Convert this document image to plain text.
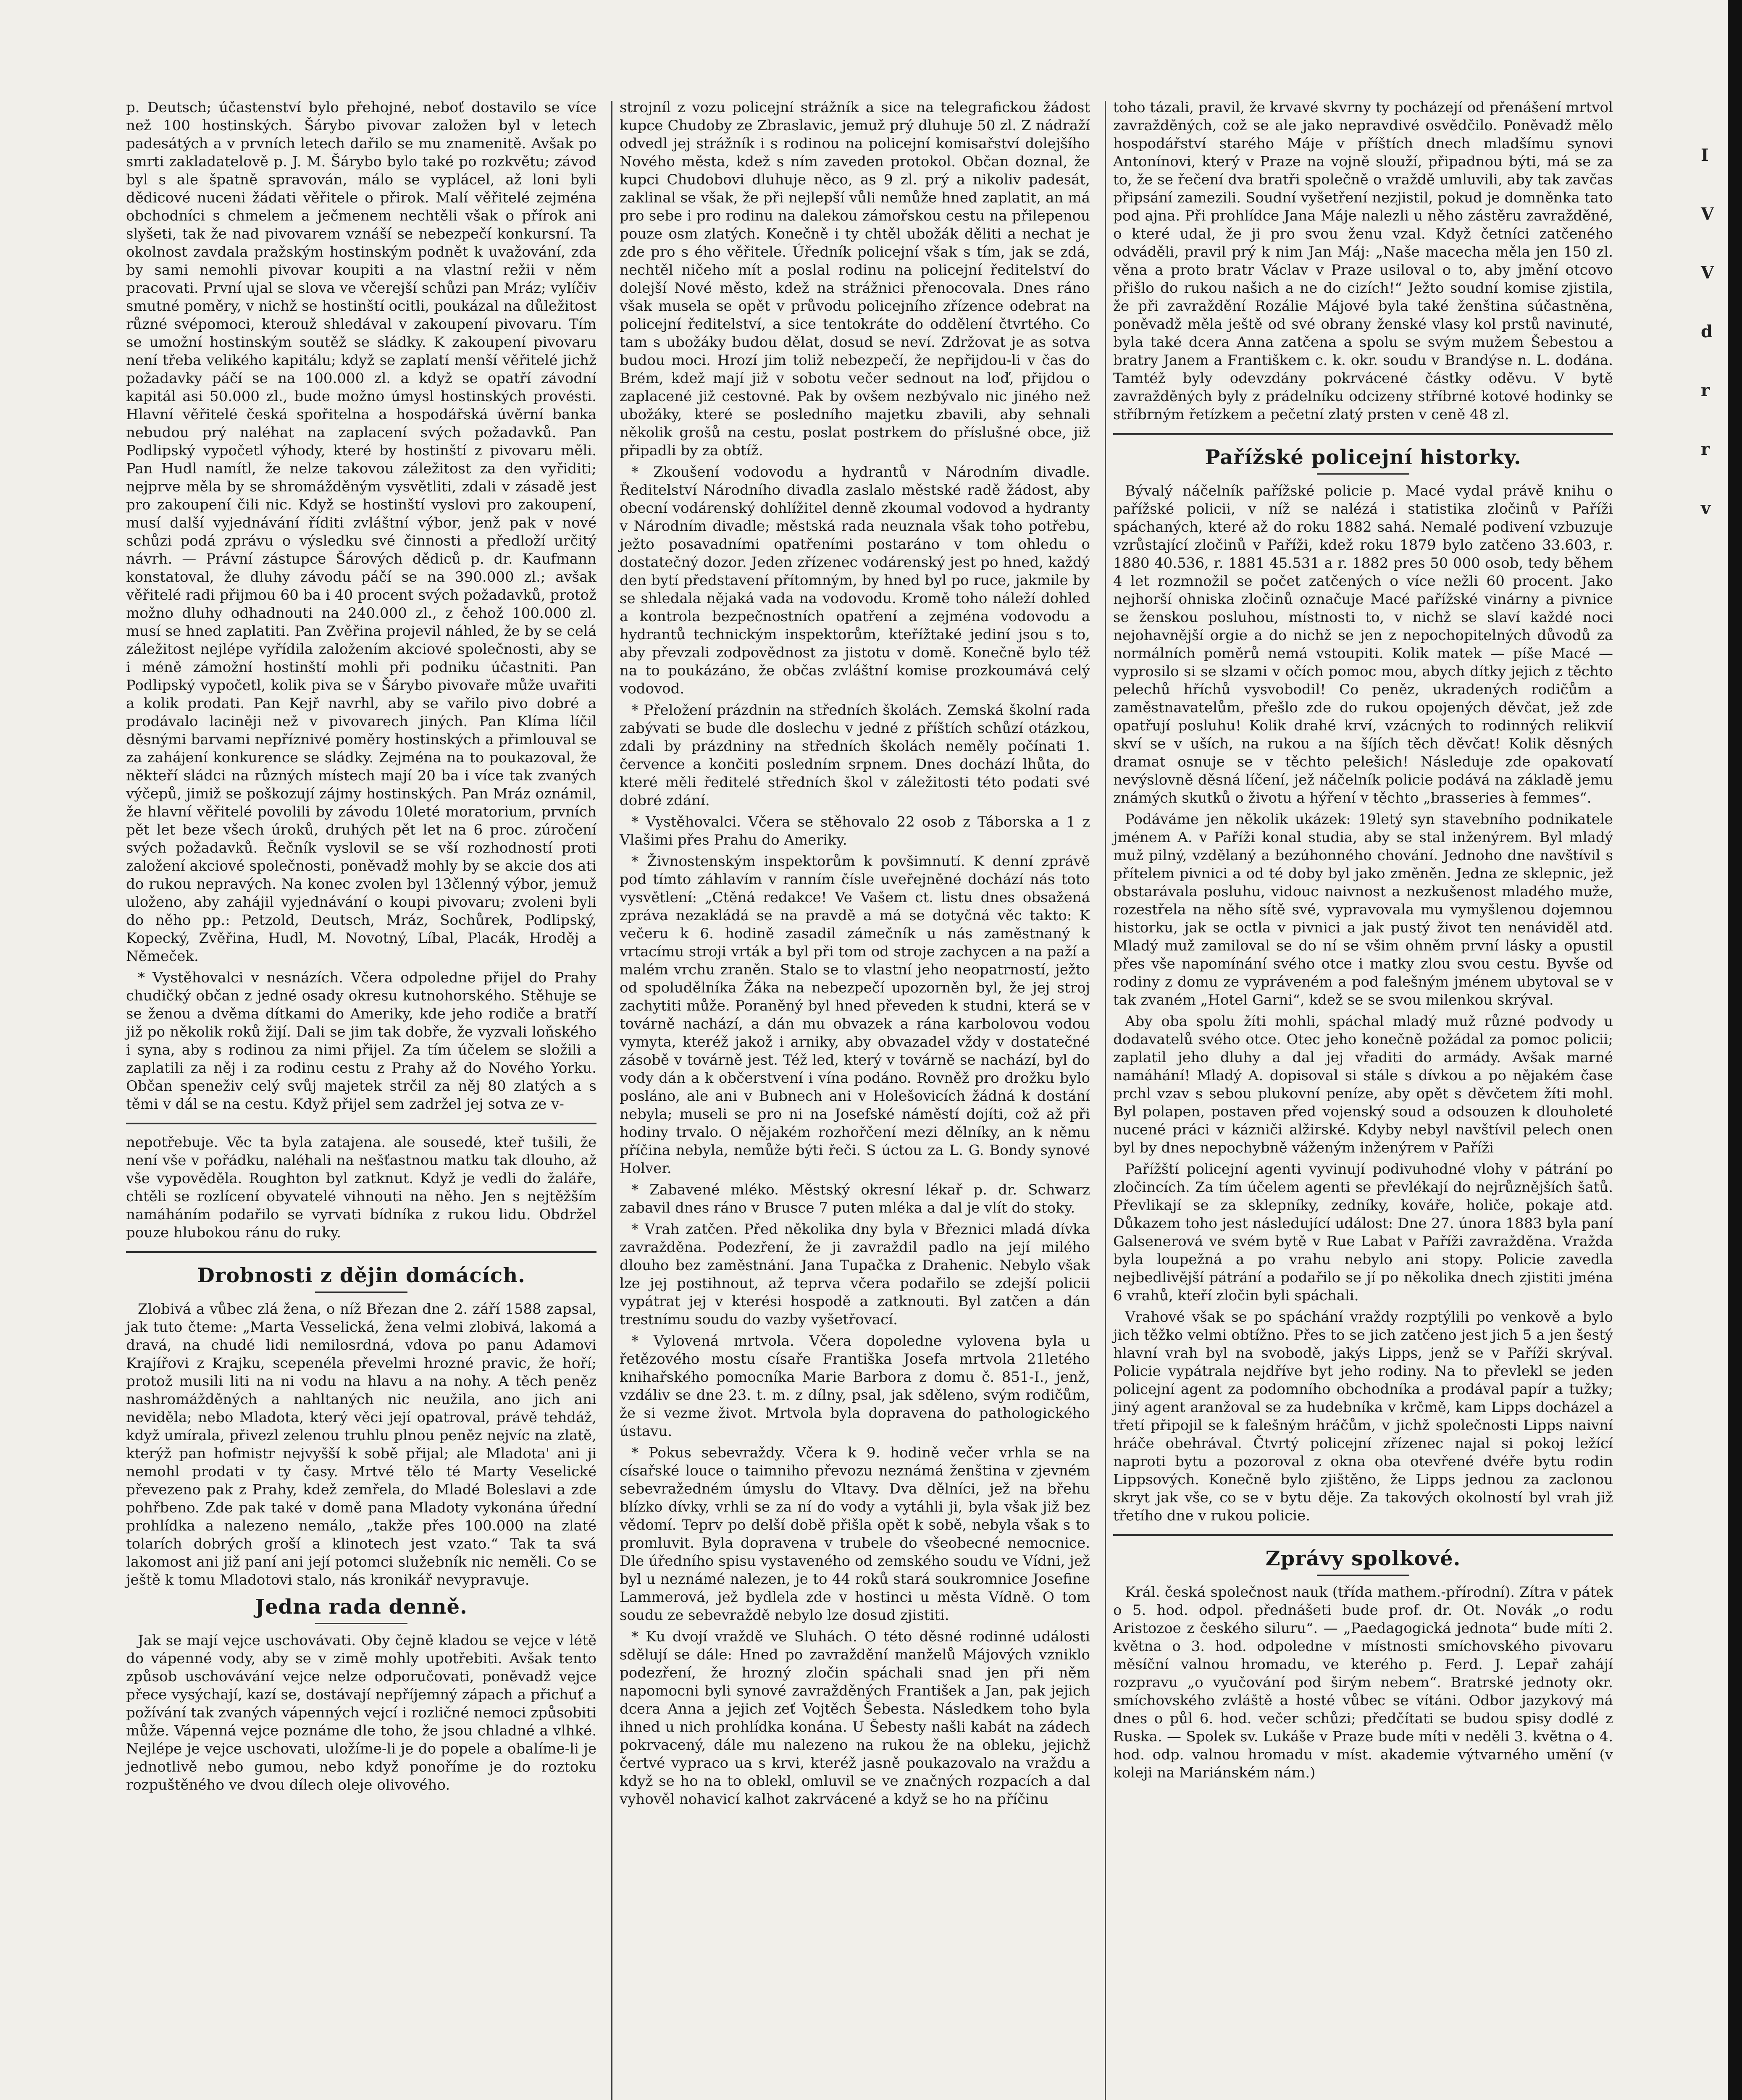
p. Deutsch; účastenství bylo přehojné, neboť dostavilo se více než 100 hostinských. Šárybo pivovar založen byl v letech padesátých a v prvních letech dařilo se mu znamenitě. Avšak po smrti zakladatelově p. J. M. Šárybo bylo také po rozkvětu; závod byl s ale špatně spravován, málo se vyplácel, až loni byli dědicové nuceni žádati věřitele o přirok. Malí věřitelé zejména obchodníci s chmelem a ječmenem nechtěli však o přírok ani slyšeti, tak že nad pivovarem vznáší se nebezpečí konkursní. Ta okolnost zavdala pražským hostinským podnět k uvažování, zda by sami nemohli pivovar koupiti a na vlastní režii v něm pracovati. První ujal se slova ve včerejší schůzi pan Mráz; vylíčiv smutné poměry, v nichž se hostinští ocitli, poukázal na důležitost různé svépomoci, kterouž shledával v zakoupení pivovaru. Tím se umožní hostinským soutěž se sládky. K zakoupení pivovaru není třeba velikého kapitálu; když se zaplatí menší věřitelé jichž požadavky páčí se na 100.000 zl. a když se opatří závodní kapitál asi 50.000 zl., bude možno úmysl hostinských provésti. Hlavní věřitelé česká spořitelna a hospodářská úvěrní banka nebudou prý naléhat na zaplacení svých požadavků. Pan Podlipský vypočetl výhody, které by hostinští z pivovaru měli. Pan Hudl namítl, že nelze takovou záležitost za den vyřiditi; nejprve měla by se shromážděným vysvětliti, zdali v zásadě jest pro zakoupení čili nic. Když se hostinští vyslovi pro zakoupení, musí další vyjednávání říditi zvláštní výbor, jenž pak v nové schůzi podá zprávu o výsledku své činnosti a předloží určitý návrh. — Právní zástupce Šárových dědiců p. dr. Kaufmann konstatoval, že dluhy závodu páčí se na 390.000 zl.; avšak věřitelé radi přijmou 60 ba i 40 procent svých požadavků, protož možno dluhy odhadnouti na 240.000 zl., z čehož 100.000 zl. musí se hned zaplatiti. Pan Zvěřina projevil náhled, že by se celá záležitost nejlépe vyřídila založením akciové společnosti, aby se i méně zámožní hostinští mohli při podniku účastniti. Pan Podlipský vypočetl, kolik piva se v Šárybo pivovaře může uvařiti a kolik prodati. Pan Kejř navrhl, aby se vařilo pivo dobré a prodávalo laciněji než v pivovarech jiných. Pan Klíma líčil děsnými barvami nepříznivé poměry hostinských a přimlouval se za zahájení konkurence se sládky. Zejména na to poukazoval, že někteří sládci na různých místech mají 20 ba i více tak zvaných výčepů, jimiž se poškozují zájmy hostinských. Pan Mráz oznámil, že hlavní věřitelé povolili by závodu 10leté moratorium, prvních pět let beze všech úroků, druhých pět let na 6 proc. zúročení svých požadavků. Řečník vyslovil se se vší rozhodností proti založení akciové společnosti, poněvadž mohly by se akcie dos ati do rukou nepravých. Na konec zvolen byl 13členný výbor, jemuž uloženo, aby zahájil vyjednávání o koupi pivovaru; zvoleni byli do něho pp.: Petzold, Deutsch, Mráz, Sochůrek, Podlipský, Kopecký, Zvěřina, Hudl, M. Novotný, Líbal, Placák, Hroděj a Němeček.

* Vystěhovalci v nesnázích. Včera odpoledne přijel do Prahy chudičký občan z jedné osady okresu kutnohorského. Stěhuje se se ženou a dvěma dítkami do Ameriky, kde jeho rodiče a bratří již po několik roků žijí. Dali se jim tak dobře, že vyzvali loňského i syna, aby s rodinou za nimi přijel. Za tím účelem se složili a zaplatili za něj i za rodinu cestu z Prahy až do Nového Yorku. Občan speneživ celý svůj majetek strčil za něj 80 zlatých a s těmi v dál se na cestu. Když přijel sem zadržel jej sotva ze v-

nepotřebuje. Věc ta byla zatajena. ale sousedé, kteř tušili, že není vše v pořádku, naléhali na nešťastnou matku tak dlouho, až vše vypověděla. Roughton byl zatknut. Když je vedli do žaláře, chtěli se rozlícení obyvatelé vihnouti na něho. Jen s nejtěžším namáháním podařilo se vyrvati bídníka z rukou lidu. Obdržel pouze hlubokou ránu do ruky.

Drobnosti z dějin domácích.

Zlobivá a vůbec zlá žena, o níž Březan dne 2. září 1588 zapsal, jak tuto čteme: „Marta Vesselická, žena velmi zlobivá, lakomá a dravá, na chudé lidi nemilosrdná, vdova po panu Adamovi Krajířovi z Krajku, scepenéla převelmi hrozné pravic, že hoří; protož musili liti na ni vodu na hlavu a na nohy. A těch peněz nashromážděných a nahltaných nic neužila, ano jich ani neviděla; nebo Mladota, který věci její opatroval, právě tehdáž, když umírala, přivezl zelenou truhlu plnou peněz nejvíc na zlatě, kterýž pan hofmistr nejvyšší k sobě přijal; ale Mladota' ani ji nemohl prodati v ty časy. Mrtvé tělo té Marty Veselické převezeno pak z Prahy, kdež zemřela, do Mladé Boleslavi a zde pohřbeno. Zde pak také v domě pana Mladoty vykonána úřední prohlídka a nalezeno nemálo, „takže přes 100.000 na zlaté tolarích dobrých groší a klinotech jest vzato.“ Tak ta svá lakomost ani již paní ani její potomci služebník nic neměli. Co se ještě k tomu Mladotovi stalo, nás kronikář nevypravuje.

Jedna rada denně.

Jak se mají vejce uschovávati. Oby čejně kladou se vejce v létě do vápenné vody, aby se v zimě mohly upotřebiti. Avšak tento způsob uschovávání vejce nelze odporučovati, poněvadž vejce přece vysýchají, kazí se, dostávají nepříjemný zápach a přichuť a požívání tak zvaných vápenných vejcí i rozličné nemoci způsobiti může. Vápenná vejce poznáme dle toho, že jsou chladné a vlhké. Nejlépe je vejce uschovati, uložíme-li je do popele a obalíme-li je jednotlivě nebo gumou, nebo když ponoříme je do roztoku rozpuštěného ve dvou dílech oleje olivového.

strojníl z vozu policejní strážník a sice na telegrafickou žádost kupce Chudoby ze Zbraslavic, jemuž prý dluhuje 50 zl. Z nádraží odvedl jej strážník i s rodinou na policejní komisařství dolejšího Nového města, kdež s ním zaveden protokol. Občan doznal, že kupci Chudobovi dluhuje něco, as 9 zl. prý a nikoliv padesát, zaklinal se však, že při nejlepší vůli nemůže hned zaplatit, an má pro sebe i pro rodinu na dalekou zámořskou cestu na přilepenou pouze osm zlatých. Konečně i ty chtěl ubožák děliti a nechat je zde pro s ého věřitele. Úředník policejní však s tím, jak se zdá, nechtěl ničeho mít a poslal rodinu na policejní ředitelství do dolejší Nové město, kdež na strážnici přenocovala. Dnes ráno však musela se opět v průvodu policejního zřízence odebrat na policejní ředitelství, a sice tentokráte do oddělení čtvrtého. Co tam s ubožáky budou dělat, dosud se neví. Zdržovat je as sotva budou moci. Hrozí jim toliž nebezpečí, že nepřijdou-li v čas do Brém, kdež mají již v sobotu večer sednout na loď, přijdou o zaplacené již cestovné. Pak by ovšem nezbývalo nic jiného než ubožáky, které se posledního majetku zbavili, aby sehnali několik grošů na cestu, poslat postrkem do příslušné obce, již připadli by za obtíž.

* Zkoušení vodovodu a hydrantů v Národním divadle. Ředitelství Národního divadla zaslalo městské radě žádost, aby obecní vodárenský dohlížitel denně zkoumal vodovod a hydranty v Národním divadle; městská rada neuznala však toho potřebu, ježto posavadními opatřeními postaráno v tom ohledu o dostatečný dozor. Jeden zřízenec vodárenský jest po hned, každý den bytí představení přítomným, by hned byl po ruce, jakmile by se shledala nějaká vada na vodovodu. Kromě toho náleží dohled a kontrola bezpečnostních opatření a zejména vodovodu a hydrantů technickým inspektorům, kteřížtaké jediní jsou s to, aby převzali zodpovědnost za jistotu v domě. Konečně bylo též na to poukázáno, že občas zvláštní komise prozkoumává celý vodovod.

* Přeložení prázdnin na středních školách. Zemská školní rada zabývati se bude dle doslechu v jedné z příštích schůzí otázkou, zdali by prázdniny na středních školách neměly počínati 1. července a končiti posledním srpnem. Dnes dochází lhůta, do které měli ředitelé středních škol v záležitosti této podati své dobré zdání.

* Vystěhovalci. Včera se stěhovalo 22 osob z Táborska a 1 z Vlašimi přes Prahu do Ameriky.

* Živnostenským inspektorům k povšimnutí. K denní zprávě pod tímto záhlavím v ranním čísle uveřejněné dochází nás toto vysvětlení: „Ctěná redakce! Ve Vašem ct. listu dnes obsažená zpráva nezakládá se na pravdě a má se dotyčná věc takto: K večeru k 6. hodině zasadil zámečník u nás zaměstnaný k vrtacímu stroji vrták a byl při tom od stroje zachycen a na paží a malém vrchu zraněn. Stalo se to vlastní jeho neopatrností, ježto od spoludělníka Žáka na nebezpečí upozorněn byl, že jej stroj zachytiti může. Poraněný byl hned převeden k studni, která se v továrně nachází, a dán mu obvazek a rána karbolovou vodou vymyta, kteréž jakož i arniky, aby obvazadel vždy v dostatečné zásobě v továrně jest. Též led, který v továrně se nachází, byl do vody dán a k občerstvení i vína podáno. Rovněž pro drožku bylo posláno, ale ani v Bubnech ani v Holešovicích žádná k dostání nebyla; museli se pro ni na Josefské náměstí dojíti, což až při hodiny trvalo. O nějakém rozhořčení mezi dělníky, an k němu příčina nebyla, nemůže býti řeči. S úctou za L. G. Bondy synové Holver.

* Zabavené mléko. Městský okresní lékař p. dr. Schwarz zabavil dnes ráno v Brusce 7 puten mléka a dal je vlít do stoky.

* Vrah zatčen. Před několika dny byla v Březnici mladá dívka zavražděna. Podezření, že ji zavraždil padlo na její milého dlouho bez zaměstnání. Jana Tupačka z Drahenic. Nebylo však lze jej postihnout, až teprva včera podařilo se zdejší policii vypátrat jej v kterési hospodě a zatknouti. Byl zatčen a dán trestnímu soudu do vazby vyšetřovací.

* Vylovená mrtvola. Včera dopoledne vylovena byla u řetězového mostu císaře Františka Josefa mrtvola 21letého knihařského pomocníka Marie Barbora z domu č. 851-I., jenž, vzdáliv se dne 23. t. m. z dílny, psal, jak sděleno, svým rodičům, že si vezme život. Mrtvola byla dopravena do pathologického ústavu.

* Pokus sebevraždy. Včera k 9. hodině večer vrhla se na císařské louce o taimniho převozu neznámá ženština v zjevném sebevražedném úmyslu do Vltavy. Dva dělníci, jež na břehu blízko dívky, vrhli se za ní do vody a vytáhli ji, byla však již bez vědomí. Teprv po delší době přišla opět k sobě, nebyla však s to promluvit. Byla dopravena v trubele do všeobecné nemocnice. Dle úředního spisu vystaveného od zemského soudu ve Vídni, jež byl u neznámé nalezen, je to 44 roků stará soukromnice Josefine Lammerová, jež bydlela zde v hostinci u města Vídně. O tom soudu ze sebevraždě nebylo lze dosud zjistiti.

* Ku dvojí vraždě ve Sluhách. O této děsné rodinné události sdělují se dále: Hned po zavraždění manželů Májových vzniklo podezření, že hrozný zločin spáchali snad jen při něm napomocni byli synové zavražděných František a Jan, pak jejich dcera Anna a jejich zeť Vojtěch Šebesta. Následkem toho byla ihned u nich prohlídka konána. U Šebesty našli kabát na zádech pokrvacený, dále mu nalezeno na rukou že na obleku, jejichž čertvé vypraco ua s krvi, kteréž jasně poukazovalo na vraždu a když se ho na to oblekl, omluvil se ve značných rozpacích a dal vyhověl nohavicí kalhot zakrvácené a když se ho na příčinu

toho tázali, pravil, že krvavé skvrny ty pocházejí od přenášení mrtvol zavražděných, což se ale jako nepravdivé osvědčilo. Poněvadž mělo hospodářství starého Máje v příštích dnech mladšímu synovi Antonínovi, který v Praze na vojně slouží, připadnou býti, má se za to, že se řečení dva bratři společně o vraždě umluvili, aby tak zavčas připsání zamezili. Soudní vyšetření nezjistil, pokud je domněnka tato pod ajna. Při prohlídce Jana Máje nalezli u něho zástěru zavražděné, o které udal, že ji pro svou ženu vzal. Když četníci zatčeného odváděli, pravil prý k nim Jan Máj: „Naše macecha měla jen 150 zl. věna a proto bratr Václav v Praze usiloval o to, aby jmění otcovo přišlo do rukou našich a ne do cizích!“ Ježto soudní komise zjistila, že při zavraždění Rozálie Májové byla také ženština súčastněna, poněvadž měla ještě od své obrany ženské vlasy kol prstů navinuté, byla také dcera Anna zatčena a spolu se svým mužem Šebestou a bratry Janem a Františkem c. k. okr. soudu v Brandýse n. L. dodána. Tamtéž byly odevzdány pokrvácené částky oděvu. V bytě zavražděných byly z prádelníku odcizeny stříbrné kotové hodinky se stříbrným řetízkem a pečetní zlatý prsten v ceně 48 zl.

Pařížské policejní historky.

Bývalý náčelník pařížské policie p. Macé vydal právě knihu o pařížské policii, v níž se nalézá i statistika zločinů v Paříži spáchaných, které až do roku 1882 sahá. Nemalé podivení vzbuzuje vzrůstající zločinů v Paříži, kdež roku 1879 bylo zatčeno 33.603, r. 1880 40.536, r. 1881 45.531 a r. 1882 pres 50 000 osob, tedy během 4 let rozmnožil se počet zatčených o více nežli 60 procent. Jako nejhorší ohniska zločinů označuje Macé pařížské vinárny a pivnice se ženskou posluhou, místnosti to, v nichž se slaví každé noci nejohavnější orgie a do nichž se jen z nepochopitelných důvodů za normálních poměrů nemá vstoupiti. Kolik matek — píše Macé — vyprosilo si se slzami v očích pomoc mou, abych dítky jejich z těchto pelechů hříchů vysvobodil! Co peněz, ukradených rodičům a zaměstnavatelům, přešlo zde do rukou opojených děvčat, jež zde opatřují posluhu! Kolik drahé krví, vzácných to rodinných relikvií skví se v uších, na rukou a na šíjích těch děvčat! Kolik děsných dramat osnuje se v těchto pelešich! Následuje zde opakovatí nevýslovně děsná líčení, jež náčelník policie podává na základě jemu známých skutků o životu a hýření v těchto „brasseries à femmes“.

Podáváme jen několik ukázek: 19letý syn stavebního podnikatele jménem A. v Paříži konal studia, aby se stal inženýrem. Byl mladý muž pilný, vzdělaný a bezúhonného chování. Jednoho dne navštívil s přítelem pivnici a od té doby byl jako změněn. Jedna ze sklepnic, jež obstarávala posluhu, vidouc naivnost a nezkušenost mladého muže, rozestřela na něho sítě své, vypravovala mu vymyšlenou dojemnou historku, jak se octla v pivnici a jak pustý život ten nenáviděl atd. Mladý muž zamiloval se do ní se všim ohněm první lásky a opustil přes vše napomínání svého otce i matky zlou svou cestu. Byvše od rodiny z domu ze vypráveném a pod falešným jménem ubytoval se v tak zvaném „Hotel Garni“, kdež se se svou milenkou skrýval.

Aby oba spolu žíti mohli, spáchal mladý muž různé podvody u dodavatelů svého otce. Otec jeho konečně požádal za pomoc policii; zaplatil jeho dluhy a dal jej vřaditi do armády. Avšak marné namáhání! Mladý A. dopisoval si stále s dívkou a po nějakém čase prchl vzav s sebou plukovní peníze, aby opět s děvčetem žíti mohl. Byl polapen, postaven před vojenský soud a odsouzen k dlouholeté nucené práci v kázniči alžirské. Kdyby nebyl navštívil pelech onen byl by dnes nepochybně váženým inženýrem v Paříži

Pařížští policejní agenti vyvinují podivuhodné vlohy v pátrání po zločincích. Za tím účelem agenti se převlékají do nejrůznějších šatů. Převlikají se za sklepníky, zedníky, kováře, holiče, pokaje atd. Důkazem toho jest následující událost: Dne 27. února 1883 byla paní Galsenerová ve svém bytě v Rue Labat v Paříži zavražděna. Vražda byla loupežná a po vrahu nebylo ani stopy. Policie zavedla nejbedlivější pátrání a podařilo se jí po několika dnech zjistiti jména 6 vrahů, kteří zločin byli spáchali.

Vrahové však se po spáchání vraždy rozptýlili po venkově a bylo jich těžko velmi obtížno. Přes to se jich zatčeno jest jich 5 a jen šestý hlavní vrah byl na svobodě, jakýs Lipps, jenž se v Paříži skrýval. Policie vypátrala nejdříve byt jeho rodiny. Na to převlekl se jeden policejní agent za podomního obchodníka a prodával papír a tužky; jiný agent aranžoval se za hudebníka v krčmě, kam Lipps docházel a třetí připojil se k falešným hráčům, v jichž společnosti Lipps naivní hráče obehrával. Čtvrtý policejní zřízenec najal si pokoj ležící naproti bytu a pozoroval z okna oba otevřené dvéře bytu rodin Lippsových. Konečně bylo zjištěno, že Lipps jednou za zaclonou skryt jak vše, co se v bytu děje. Za takových okolností byl vrah již třetího dne v rukou policie.

Zprávy spolkové.

Král. česká společnost nauk (třída mathem.-přírodní). Zítra v pátek o 5. hod. odpol. přednášeti bude prof. dr. Ot. Novák „o rodu Aristozoe z českého siluru“. — „Paedagogická jednota“ bude míti 2. května o 3. hod. odpoledne v místnosti smíchovského pivovaru měsíční valnou hromadu, ve kterého p. Ferd. J. Lepař zahájí rozpravu „o vyučování pod širým nebem“. Bratrské jednoty okr. smíchovského zvláště a hosté vůbec se vítáni. Odbor jazykový má dnes o půl 6. hod. večer schůzi; předčítati se budou spisy dodlé z Ruska. — Spolek sv. Lukáše v Praze bude míti v neděli 3. května o 4. hod. odp. valnou hromadu v míst. akademie výtvarného umění (v koleji na Mariánském nám.)

I
V
V
d
r
r
v
